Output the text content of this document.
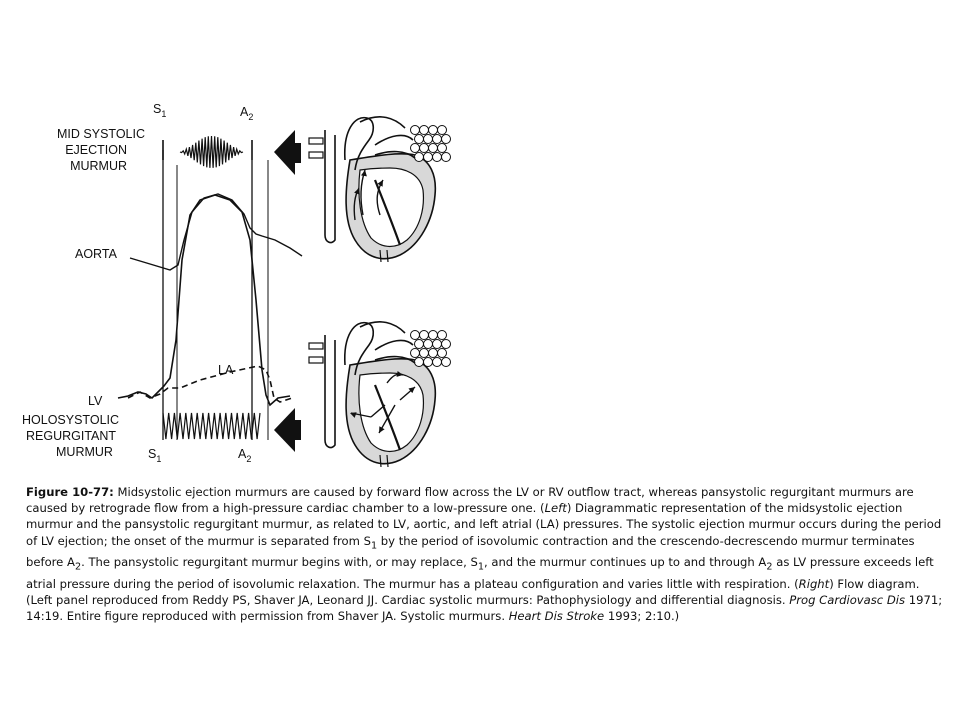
$S_1$	$A_2$
$S_1$	$A_2$
MID SYSTOLIC
EJECTION
MURMUR
AORTA
LA
LV
HOLOSYSTOLIC
REGURGITANT
MURMUR
Figure 10-77: Midsystolic ejection murmurs are caused by forward flow across the LV or RV outflow tract, whereas pansystolic regurgitant murmurs are caused by retrograde flow from a high-pressure cardiac chamber to a low-pressure one. (Left) Diagrammatic representation of the midsystolic ejection murmur and the pansystolic regurgitant murmur, as related to LV, aortic, and left atrial (LA) pressures. The systolic ejection murmur occurs during the period of LV ejection; the onset of the murmur is separated from $S_1$ by the period of isovolumic contraction and the crescendo-decrescendo murmur terminates before $A_2$. The pansystolic regurgitant murmur begins with, or may replace, $S_1$, and the murmur continues up to and through $A_2$ as LV pressure exceeds left atrial pressure during the period of isovolumic relaxation. The murmur has a plateau configuration and varies little with respiration. (Right) Flow diagram. (Left panel reproduced from Reddy PS, Shaver JA, Leonard JJ. Cardiac systolic murmurs: Pathophysiology and differential diagnosis. Prog Cardiovasc Dis 1971; 14:19. Entire figure reproduced with permission from Shaver JA. Systolic murmurs. Heart Dis Stroke 1993; 2:10.)
